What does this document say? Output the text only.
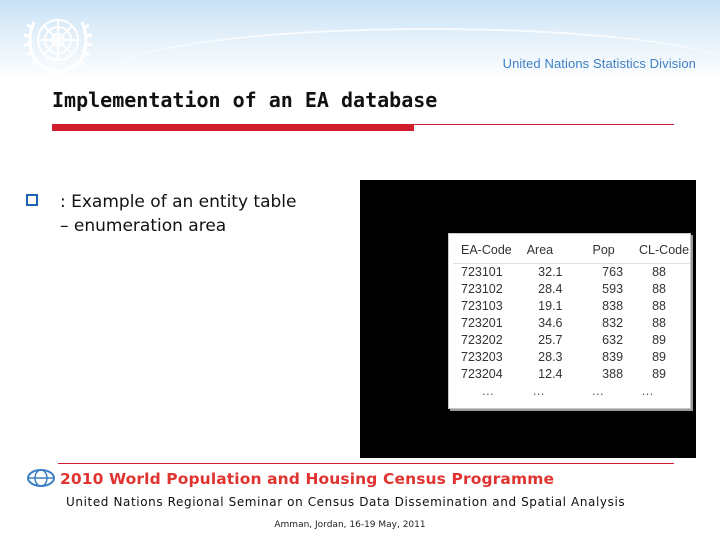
United Nations Statistics Division
Implementation of an EA database
: Example of an entity table
– enumeration area
EA-Code	Area	Pop	CL-Code
723101	32.1	763	88
723102	28.4	593	88
723103	19.1	838	88
723201	34.6	832	88
723202	25.7	632	89
723203	28.3	839	89
723204	12.4	388	89
…	…	…	…
2010 World Population and Housing Census Programme
United Nations Regional Seminar on Census Data Dissemination and Spatial Analysis
Amman, Jordan, 16-19 May, 2011
